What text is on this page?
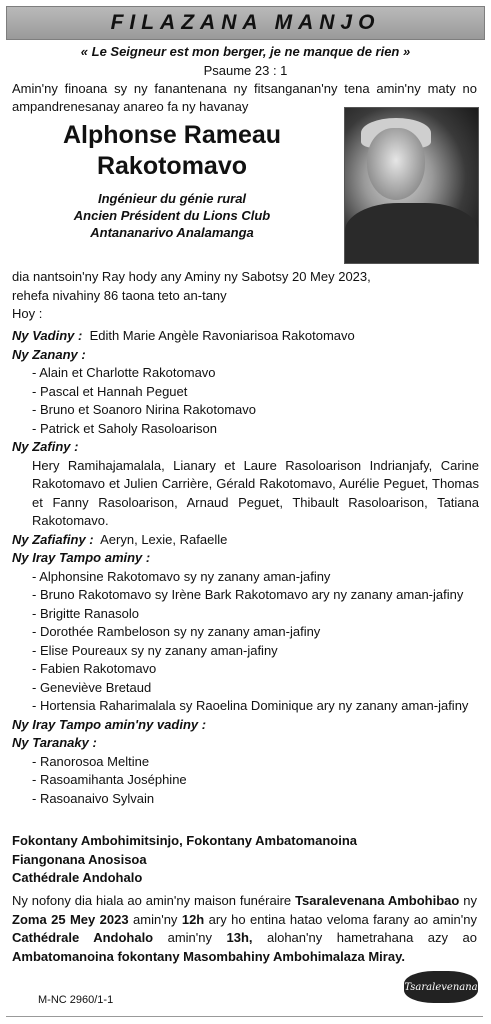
FILAZANA MANJO
« Le Seigneur est mon berger, je ne manque de rien »
Psaume 23 : 1
Amin'ny finoana sy ny fanantenana ny fitsanganan'ny tena amin'ny maty no ampandrenesanay anareo fa ny havanay
Alphonse Rameau
Rakotomavo
Ingénieur du génie rural
Ancien Président du Lions Club
Antananarivo Analamanga

dia nantsoin'ny Ray hody any Aminy ny Sabotsy 20 Mey 2023,

rehefa nivahiny 86 taona teto an-tany

Hoy :

Ny Vadiny : Edith Marie Angèle Ravoniarisoa Rakotomavo

Ny Zanany :

- Alain et Charlotte Rakotomavo

- Pascal et Hannah Peguet

- Bruno et Soanoro Nirina Rakotomavo

- Patrick et Saholy Rasoloarison

Ny Zafiny :

Hery Ramihajamalala, Lianary et Laure Rasoloarison Indrianjafy, Carine Rakotomavo et Julien Carrière, Gérald Rakotomavo, Aurélie Peguet, Thomas et Fanny Rasoloarison, Arnaud Peguet, Thibault Rasoloarison, Tatiana Rakotomavo.

Ny Zafiafiny : Aeryn, Lexie, Rafaelle

Ny Iray Tampo aminy :

- Alphonsine Rakotomavo sy ny zanany aman-jafiny

- Bruno Rakotomavo sy Irène Bark Rakotomavo ary ny zanany aman-jafiny

- Brigitte Ranasolo

- Dorothée Rambeloson sy ny zanany aman-jafiny

- Elise Poureaux sy ny zanany aman-jafiny

- Fabien Rakotomavo

- Geneviève Bretaud

- Hortensia Raharimalala sy Raoelina Dominique ary ny zanany aman-jafiny

Ny Iray Tampo amin'ny vadiny :

Ny Taranaky :

- Ranorosoa Meltine

- Rasoamihanta Joséphine

- Rasoanaivo Sylvain

Fokontany Ambohimitsinjo, Fokontany Ambatomanoina

Fiangonana Anosisoa

Cathédrale Andohalo

Ny nofony dia hiala ao amin'ny maison funéraire Tsaralevenana Ambohibao ny Zoma 25 Mey 2023 amin'ny 12h ary ho entina hatao veloma farany ao amin'ny Cathédrale Andohalo amin'ny 13h, alohan'ny hametrahana azy ao Ambatomanoina fokontany Masombahiny Ambohimalaza Miray.
M-NC 2960/1-1
Tsaralevenana
